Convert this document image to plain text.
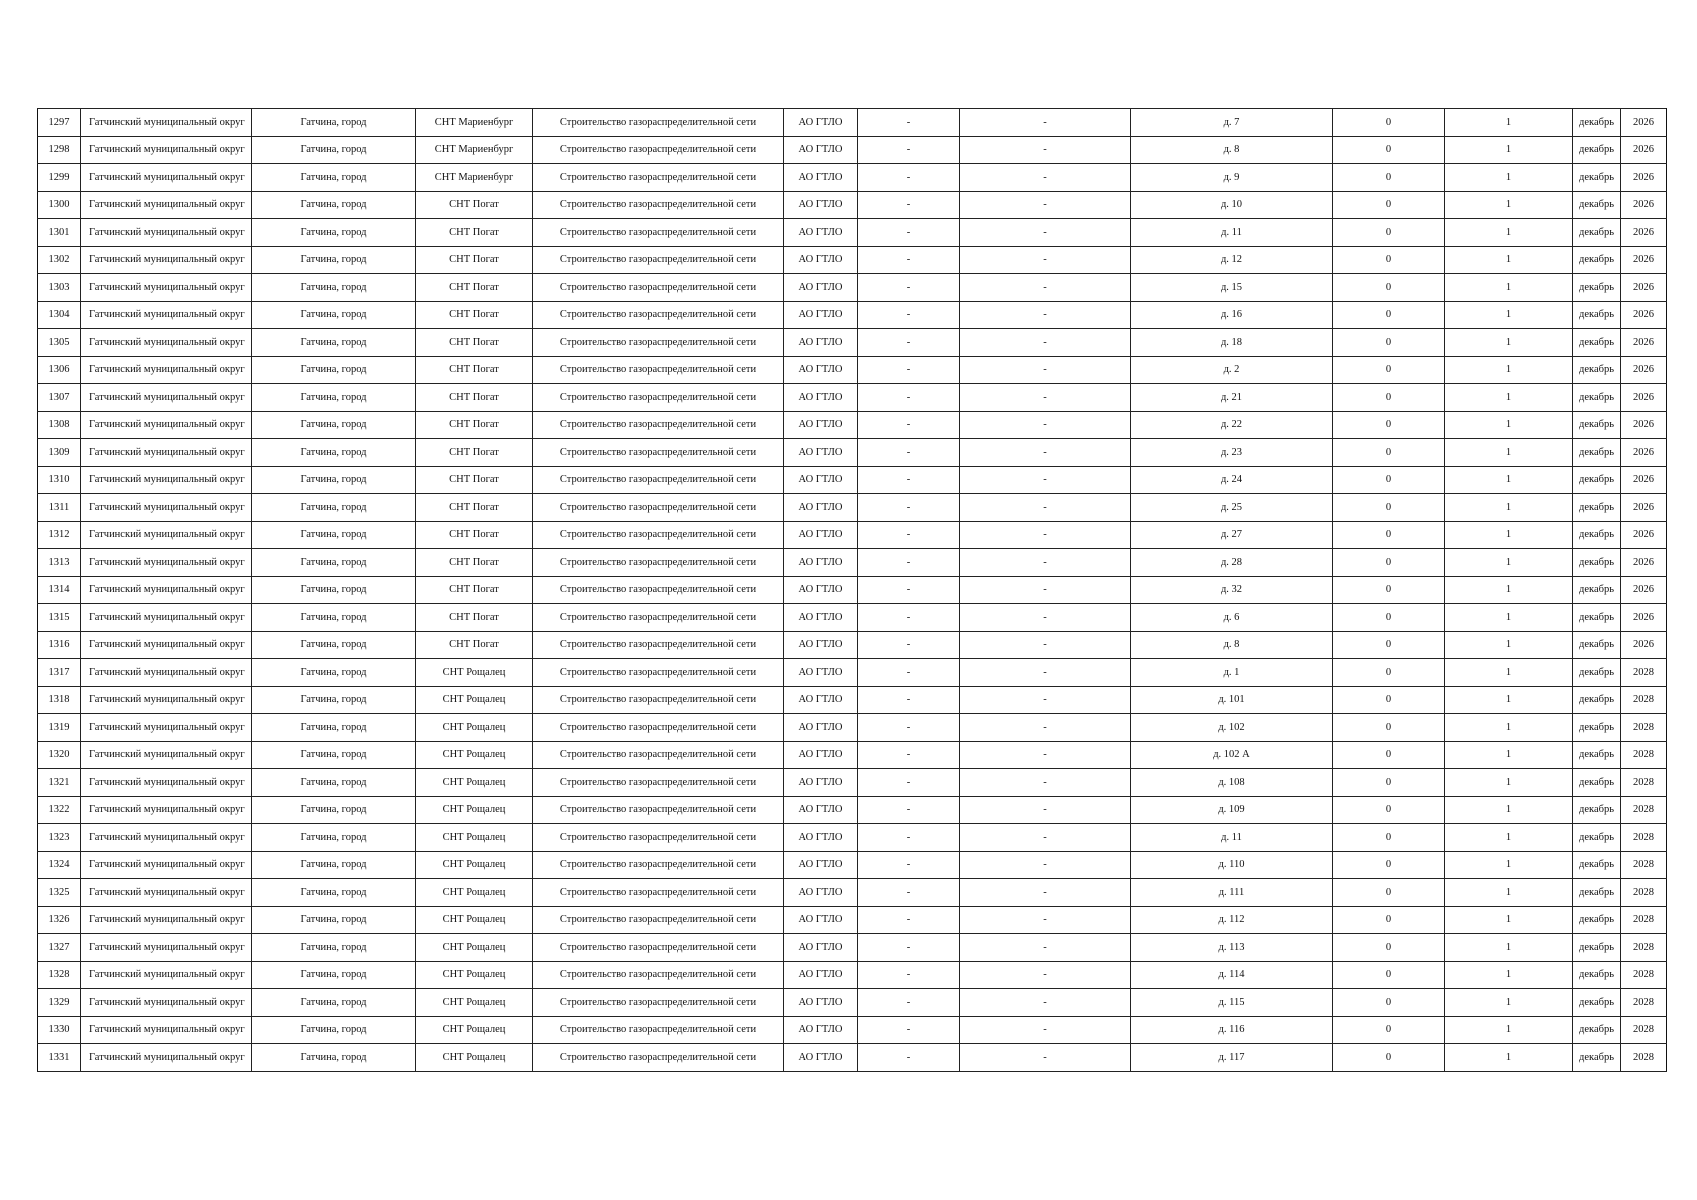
1297	Гатчинский муниципальный округ	Гатчина, город	СНТ Мариенбург	Строительство газораспределительной сети	АО ГТЛО	-	-	д. 7	0	1	декабрь	2026
1298	Гатчинский муниципальный округ	Гатчина, город	СНТ Мариенбург	Строительство газораспределительной сети	АО ГТЛО	-	-	д. 8	0	1	декабрь	2026
1299	Гатчинский муниципальный округ	Гатчина, город	СНТ Мариенбург	Строительство газораспределительной сети	АО ГТЛО	-	-	д. 9	0	1	декабрь	2026
1300	Гатчинский муниципальный округ	Гатчина, город	СНТ Погат	Строительство газораспределительной сети	АО ГТЛО	-	-	д. 10	0	1	декабрь	2026
1301	Гатчинский муниципальный округ	Гатчина, город	СНТ Погат	Строительство газораспределительной сети	АО ГТЛО	-	-	д. 11	0	1	декабрь	2026
1302	Гатчинский муниципальный округ	Гатчина, город	СНТ Погат	Строительство газораспределительной сети	АО ГТЛО	-	-	д. 12	0	1	декабрь	2026
1303	Гатчинский муниципальный округ	Гатчина, город	СНТ Погат	Строительство газораспределительной сети	АО ГТЛО	-	-	д. 15	0	1	декабрь	2026
1304	Гатчинский муниципальный округ	Гатчина, город	СНТ Погат	Строительство газораспределительной сети	АО ГТЛО	-	-	д. 16	0	1	декабрь	2026
1305	Гатчинский муниципальный округ	Гатчина, город	СНТ Погат	Строительство газораспределительной сети	АО ГТЛО	-	-	д. 18	0	1	декабрь	2026
1306	Гатчинский муниципальный округ	Гатчина, город	СНТ Погат	Строительство газораспределительной сети	АО ГТЛО	-	-	д. 2	0	1	декабрь	2026
1307	Гатчинский муниципальный округ	Гатчина, город	СНТ Погат	Строительство газораспределительной сети	АО ГТЛО	-	-	д. 21	0	1	декабрь	2026
1308	Гатчинский муниципальный округ	Гатчина, город	СНТ Погат	Строительство газораспределительной сети	АО ГТЛО	-	-	д. 22	0	1	декабрь	2026
1309	Гатчинский муниципальный округ	Гатчина, город	СНТ Погат	Строительство газораспределительной сети	АО ГТЛО	-	-	д. 23	0	1	декабрь	2026
1310	Гатчинский муниципальный округ	Гатчина, город	СНТ Погат	Строительство газораспределительной сети	АО ГТЛО	-	-	д. 24	0	1	декабрь	2026
1311	Гатчинский муниципальный округ	Гатчина, город	СНТ Погат	Строительство газораспределительной сети	АО ГТЛО	-	-	д. 25	0	1	декабрь	2026
1312	Гатчинский муниципальный округ	Гатчина, город	СНТ Погат	Строительство газораспределительной сети	АО ГТЛО	-	-	д. 27	0	1	декабрь	2026
1313	Гатчинский муниципальный округ	Гатчина, город	СНТ Погат	Строительство газораспределительной сети	АО ГТЛО	-	-	д. 28	0	1	декабрь	2026
1314	Гатчинский муниципальный округ	Гатчина, город	СНТ Погат	Строительство газораспределительной сети	АО ГТЛО	-	-	д. 32	0	1	декабрь	2026
1315	Гатчинский муниципальный округ	Гатчина, город	СНТ Погат	Строительство газораспределительной сети	АО ГТЛО	-	-	д. 6	0	1	декабрь	2026
1316	Гатчинский муниципальный округ	Гатчина, город	СНТ Погат	Строительство газораспределительной сети	АО ГТЛО	-	-	д. 8	0	1	декабрь	2026
1317	Гатчинский муниципальный округ	Гатчина, город	СНТ Рощалец	Строительство газораспределительной сети	АО ГТЛО	-	-	д. 1	0	1	декабрь	2028
1318	Гатчинский муниципальный округ	Гатчина, город	СНТ Рощалец	Строительство газораспределительной сети	АО ГТЛО	-	-	д. 101	0	1	декабрь	2028
1319	Гатчинский муниципальный округ	Гатчина, город	СНТ Рощалец	Строительство газораспределительной сети	АО ГТЛО	-	-	д. 102	0	1	декабрь	2028
1320	Гатчинский муниципальный округ	Гатчина, город	СНТ Рощалец	Строительство газораспределительной сети	АО ГТЛО	-	-	д. 102 А	0	1	декабрь	2028
1321	Гатчинский муниципальный округ	Гатчина, город	СНТ Рощалец	Строительство газораспределительной сети	АО ГТЛО	-	-	д. 108	0	1	декабрь	2028
1322	Гатчинский муниципальный округ	Гатчина, город	СНТ Рощалец	Строительство газораспределительной сети	АО ГТЛО	-	-	д. 109	0	1	декабрь	2028
1323	Гатчинский муниципальный округ	Гатчина, город	СНТ Рощалец	Строительство газораспределительной сети	АО ГТЛО	-	-	д. 11	0	1	декабрь	2028
1324	Гатчинский муниципальный округ	Гатчина, город	СНТ Рощалец	Строительство газораспределительной сети	АО ГТЛО	-	-	д. 110	0	1	декабрь	2028
1325	Гатчинский муниципальный округ	Гатчина, город	СНТ Рощалец	Строительство газораспределительной сети	АО ГТЛО	-	-	д. 111	0	1	декабрь	2028
1326	Гатчинский муниципальный округ	Гатчина, город	СНТ Рощалец	Строительство газораспределительной сети	АО ГТЛО	-	-	д. 112	0	1	декабрь	2028
1327	Гатчинский муниципальный округ	Гатчина, город	СНТ Рощалец	Строительство газораспределительной сети	АО ГТЛО	-	-	д. 113	0	1	декабрь	2028
1328	Гатчинский муниципальный округ	Гатчина, город	СНТ Рощалец	Строительство газораспределительной сети	АО ГТЛО	-	-	д. 114	0	1	декабрь	2028
1329	Гатчинский муниципальный округ	Гатчина, город	СНТ Рощалец	Строительство газораспределительной сети	АО ГТЛО	-	-	д. 115	0	1	декабрь	2028
1330	Гатчинский муниципальный округ	Гатчина, город	СНТ Рощалец	Строительство газораспределительной сети	АО ГТЛО	-	-	д. 116	0	1	декабрь	2028
1331	Гатчинский муниципальный округ	Гатчина, город	СНТ Рощалец	Строительство газораспределительной сети	АО ГТЛО	-	-	д. 117	0	1	декабрь	2028
